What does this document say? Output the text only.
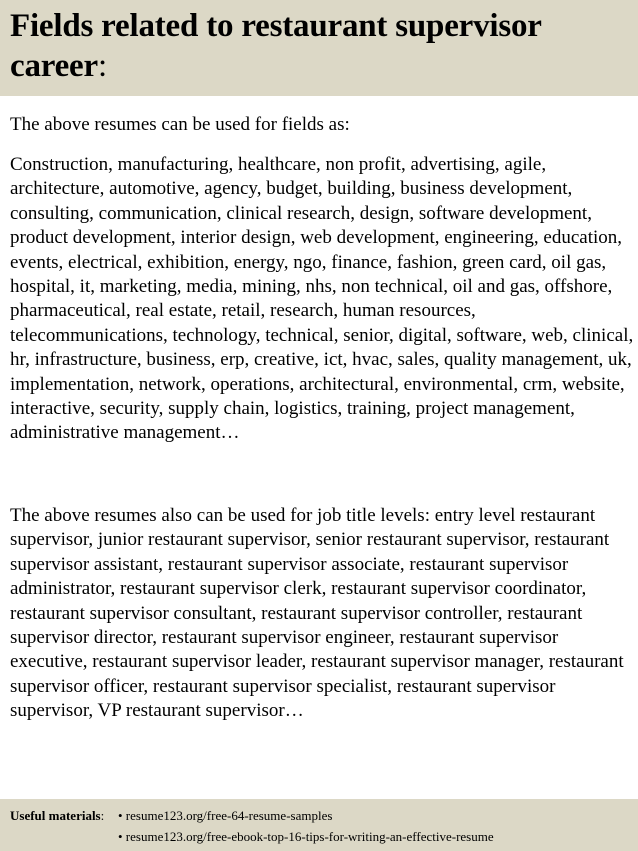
Fields related to restaurant supervisor career:

The above resumes can be used for fields as:

Construction, manufacturing, healthcare, non profit, advertising, agile, architecture, automotive, agency, budget, building, business development, consulting, communication, clinical research, design, software development, product development, interior design, web development, engineering, education, events, electrical, exhibition, energy, ngo, finance, fashion, green card, oil gas, hospital, it, marketing, media, mining, nhs, non technical, oil and gas, offshore, pharmaceutical, real estate, retail, research, human resources, telecommunications, technology, technical, senior, digital, software, web, clinical, hr, infrastructure, business, erp, creative, ict, hvac, sales, quality management, uk, implementation, network, operations, architectural, environmental, crm, website, interactive, security, supply chain, logistics, training, project management, administrative management…

The above resumes also can be used for job title levels: entry level restaurant supervisor, junior restaurant supervisor, senior restaurant supervisor, restaurant supervisor assistant, restaurant supervisor associate, restaurant supervisor administrator, restaurant supervisor clerk, restaurant supervisor coordinator, restaurant supervisor consultant, restaurant supervisor controller, restaurant supervisor director, restaurant supervisor engineer, restaurant supervisor executive, restaurant supervisor leader, restaurant supervisor manager, restaurant supervisor officer, restaurant supervisor specialist, restaurant supervisor supervisor, VP restaurant supervisor…

Useful materials: • resume123.org/free-64-resume-samples
• resume123.org/free-ebook-top-16-tips-for-writing-an-effective-resume
